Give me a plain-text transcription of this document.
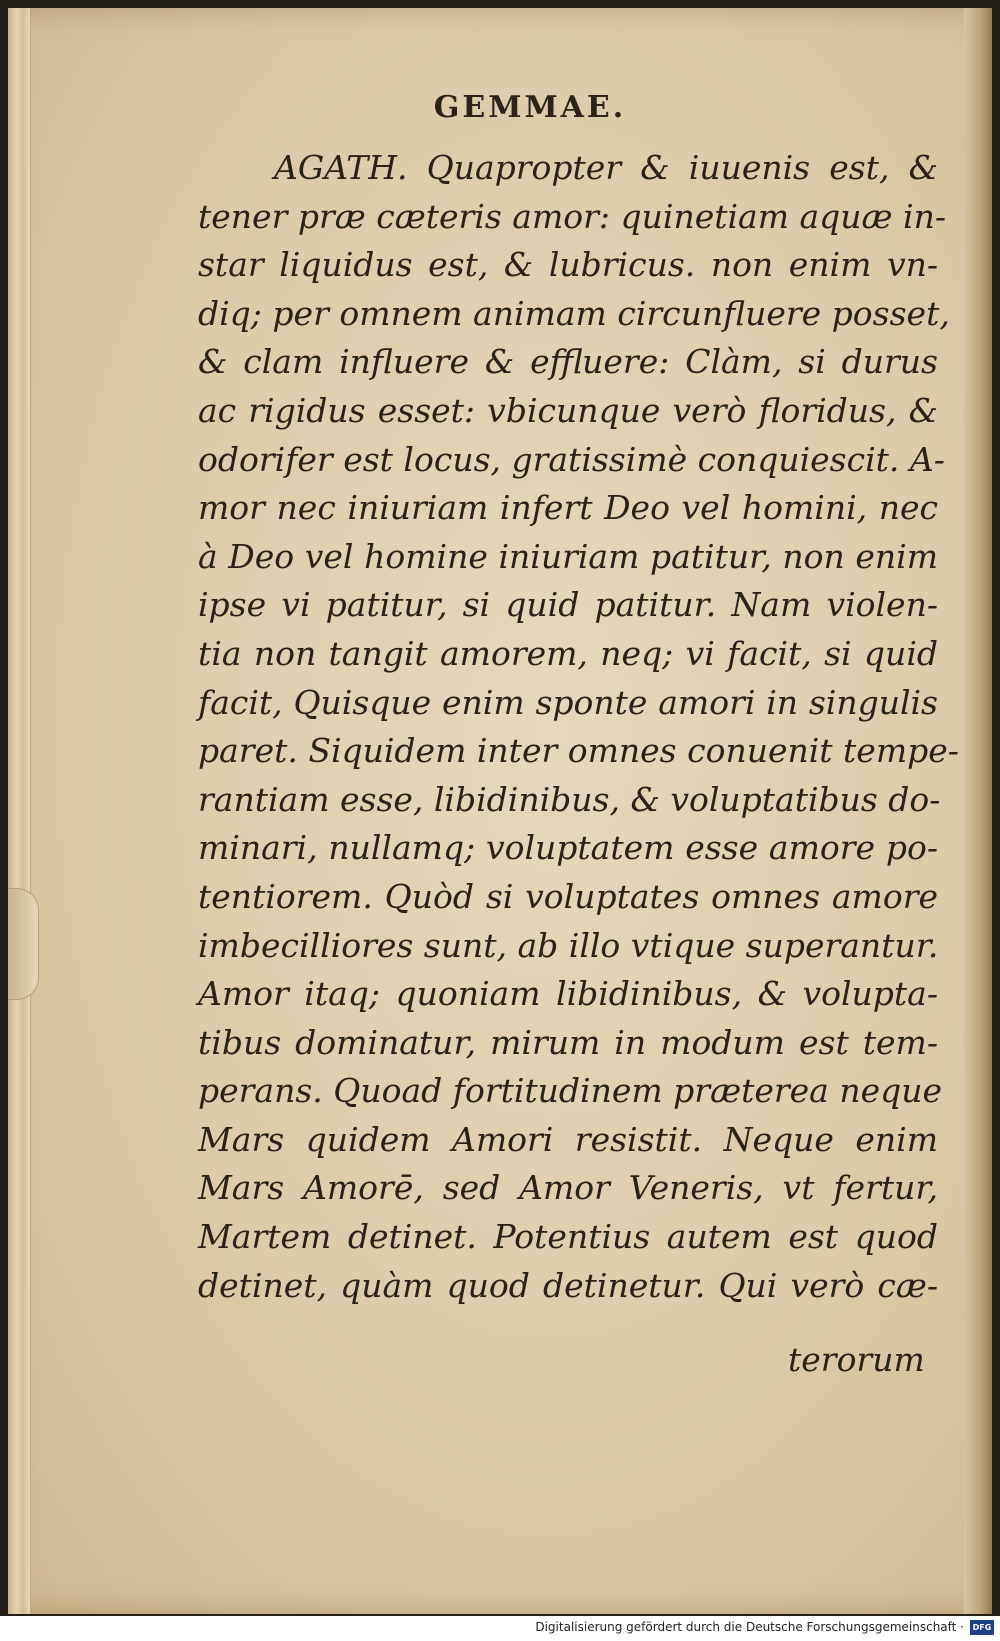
GEMMAE.
AGATH. Quapropter & iuuenis est, &
tener præ cæteris amor: quinetiam aquæ in-
star liquidus est, & lubricus. non enim vn-
diq; per omnem animam circunfluere posset,
& clam influere & effluere: Clàm, si durus
ac rigidus esset: vbicunque verò floridus, &
odorifer est locus, gratissimè conquiescit. A-
mor nec iniuriam infert Deo vel homini, nec
à Deo vel homine iniuriam patitur, non enim
ipse vi patitur, si quid patitur. Nam violen-
tia non tangit amorem, neq; vi facit, si quid
facit, Quisque enim sponte amori in singulis
paret. Siquidem inter omnes conuenit tempe-
rantiam esse, libidinibus, & voluptatibus do-
minari, nullamq; voluptatem esse amore po-
tentiorem. Quòd si voluptates omnes amore
imbecilliores sunt, ab illo vtique superantur.
Amor itaq; quoniam libidinibus, & volupta-
tibus dominatur, mirum in modum est tem-
perans. Quoad fortitudinem præterea neque
Mars quidem Amori resistit. Neque enim
Mars Amorē, sed Amor Veneris, vt fertur,
Martem detinet. Potentius autem est quod
detinet, quàm quod detinetur. Qui verò cæ-
terorum
Digitalisierung gefördert durch die Deutsche Forschungsgemeinschaft ·	DFG
